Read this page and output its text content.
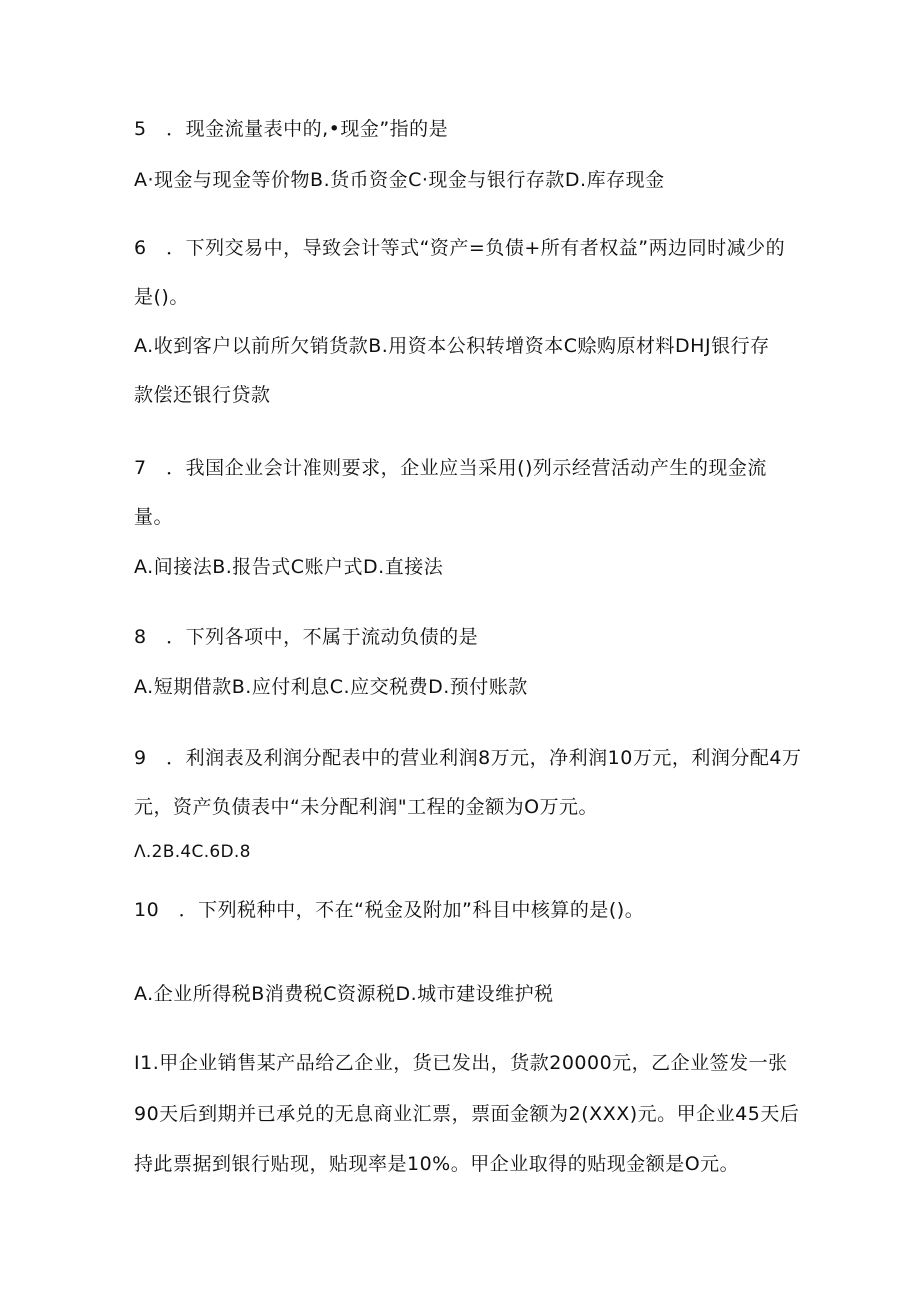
5　．现金流量表中的,•现金”指的是
A·现金与现金等价物B.货币资金C·现金与银行存款D.库存现金
6　．下列交易中，导致会计等式“资产=负债+所有者权益”两边同时减少的
是()。
A.收到客户以前所欠销货款B.用资本公积转增资本C赊购原材料DHJ银行存
款偿还银行贷款
7　．我国企业会计准则要求，企业应当采用()列示经营活动产生的现金流
量。
A.间接法B.报告式C账户式D.直接法
8　．下列各项中，不属于流动负债的是
A.短期借款B.应付利息C.应交税费D.预付账款
9　．利润表及利润分配表中的营业利润8万元，净利润10万元，利润分配4万
元，资产负债表中“未分配利润"工程的金额为O万元。
Λ.2B.4C.6D.8
10　．下列税种中，不在“税金及附加”科目中核算的是()。
A.企业所得税B消费税C资源税D.城市建设维护税
I1.甲企业销售某产品给乙企业，货已发出，货款20000元，乙企业签发一张
90天后到期并已承兑的无息商业汇票，票面金额为2(XXX)元。甲企业45天后
持此票据到银行贴现，贴现率是10%。甲企业取得的贴现金额是O元。
